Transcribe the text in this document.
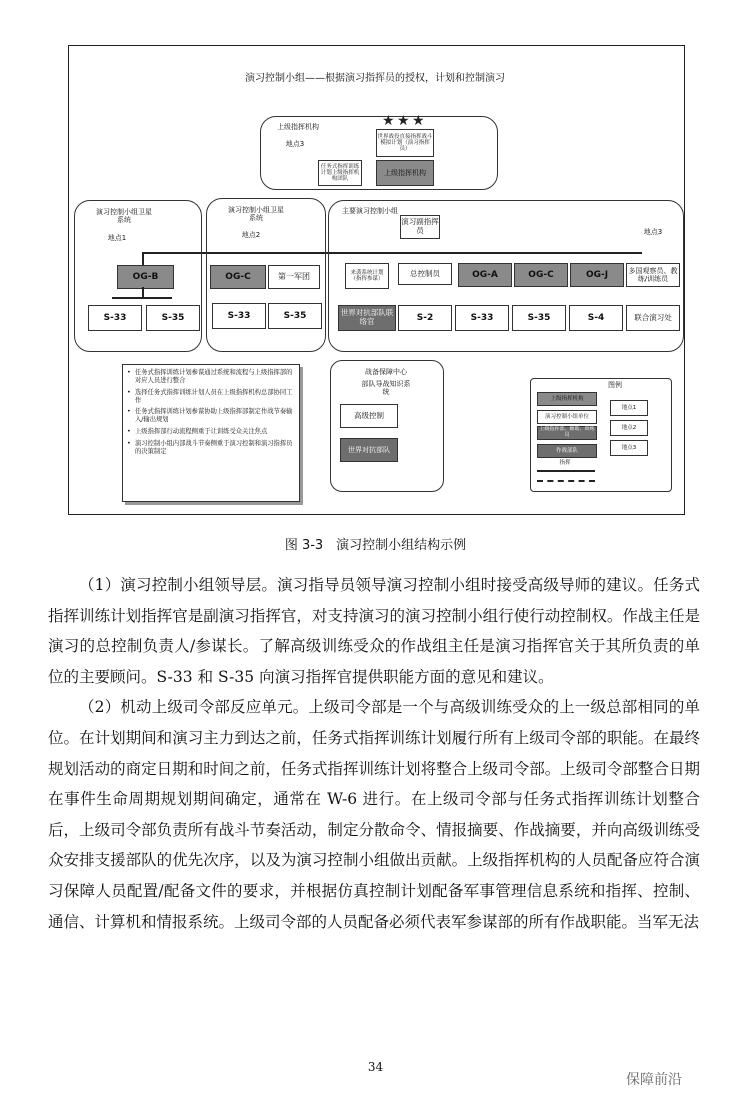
演习控制小组——根据演习指挥员的授权，计划和控制演习
上级指挥机构
地点3
★ ★ ★
世界战役直接指挥战斗模拟计划（演习指挥员）
任务式指挥训练计划上级指挥机构团队
上级指挥机构
演习控制小组卫星系统
地点1
OG-B
S-33	S-35
演习控制小组卫星系统
地点2
OG-C	第一军团
S-33	S-35
主要演习控制小组
演习副指挥员	地点3
来袭系统计划（指挥参谋）
总控制员	OG-A	OG-C	OG-J	多国观察员、教练/训练员
世界对抗部队联络官	S-2	S-33	S-35	S-4	联合演习处
• 任务式指挥训练计划参谋通过系统和流程与上级指挥部的对应人员进行整合
• 选择任务式指挥训练计划人员在上级指挥机构总部协同工作
• 任务式指挥训练计划参谋协助上级指挥部制定作战节奏输入/输出规划
• 上级指挥部行动流程侧重于让训练受众关注焦点
• 演习控制小组内部战斗节奏侧重于演习控制和演习指挥员的决策制定
战备保障中心
部队导战知识系统
高级控制
世界对抗部队
图例
上级指挥机构
演习控制小组单位
上级指挥部、辅助、训练员
作战部队
指挥
地点1
地点2
地点3
图 3-3　演习控制小组结构示例

（1）演习控制小组领导层。演习指导员领导演习控制小组时接受高级导师的建议。任务式指挥训练计划指挥官是副演习指挥官，对支持演习的演习控制小组行使行动控制权。作战主任是演习的总控制负责人/参谋长。了解高级训练受众的作战组主任是演习指挥官关于其所负责的单位的主要顾问。S-33 和 S-35 向演习指挥官提供职能方面的意见和建议。

（2）机动上级司令部反应单元。上级司令部是一个与高级训练受众的上一级总部相同的单位。在计划期间和演习主力到达之前，任务式指挥训练计划履行所有上级司令部的职能。在最终规划活动的商定日期和时间之前，任务式指挥训练计划将整合上级司令部。上级司令部整合日期在事件生命周期规划期间确定，通常在 W-6 进行。在上级司令部与任务式指挥训练计划整合后，上级司令部负责所有战斗节奏活动，制定分散命令、情报摘要、作战摘要，并向高级训练受众安排支援部队的优先次序，以及为演习控制小组做出贡献。上级指挥机构的人员配备应符合演习保障人员配置/配备文件的要求，并根据仿真控制计划配备军事管理信息系统和指挥、控制、通信、计算机和情报系统。上级司令部的人员配备必须代表军参谋部的所有作战职能。当军无法

34
保障前沿
